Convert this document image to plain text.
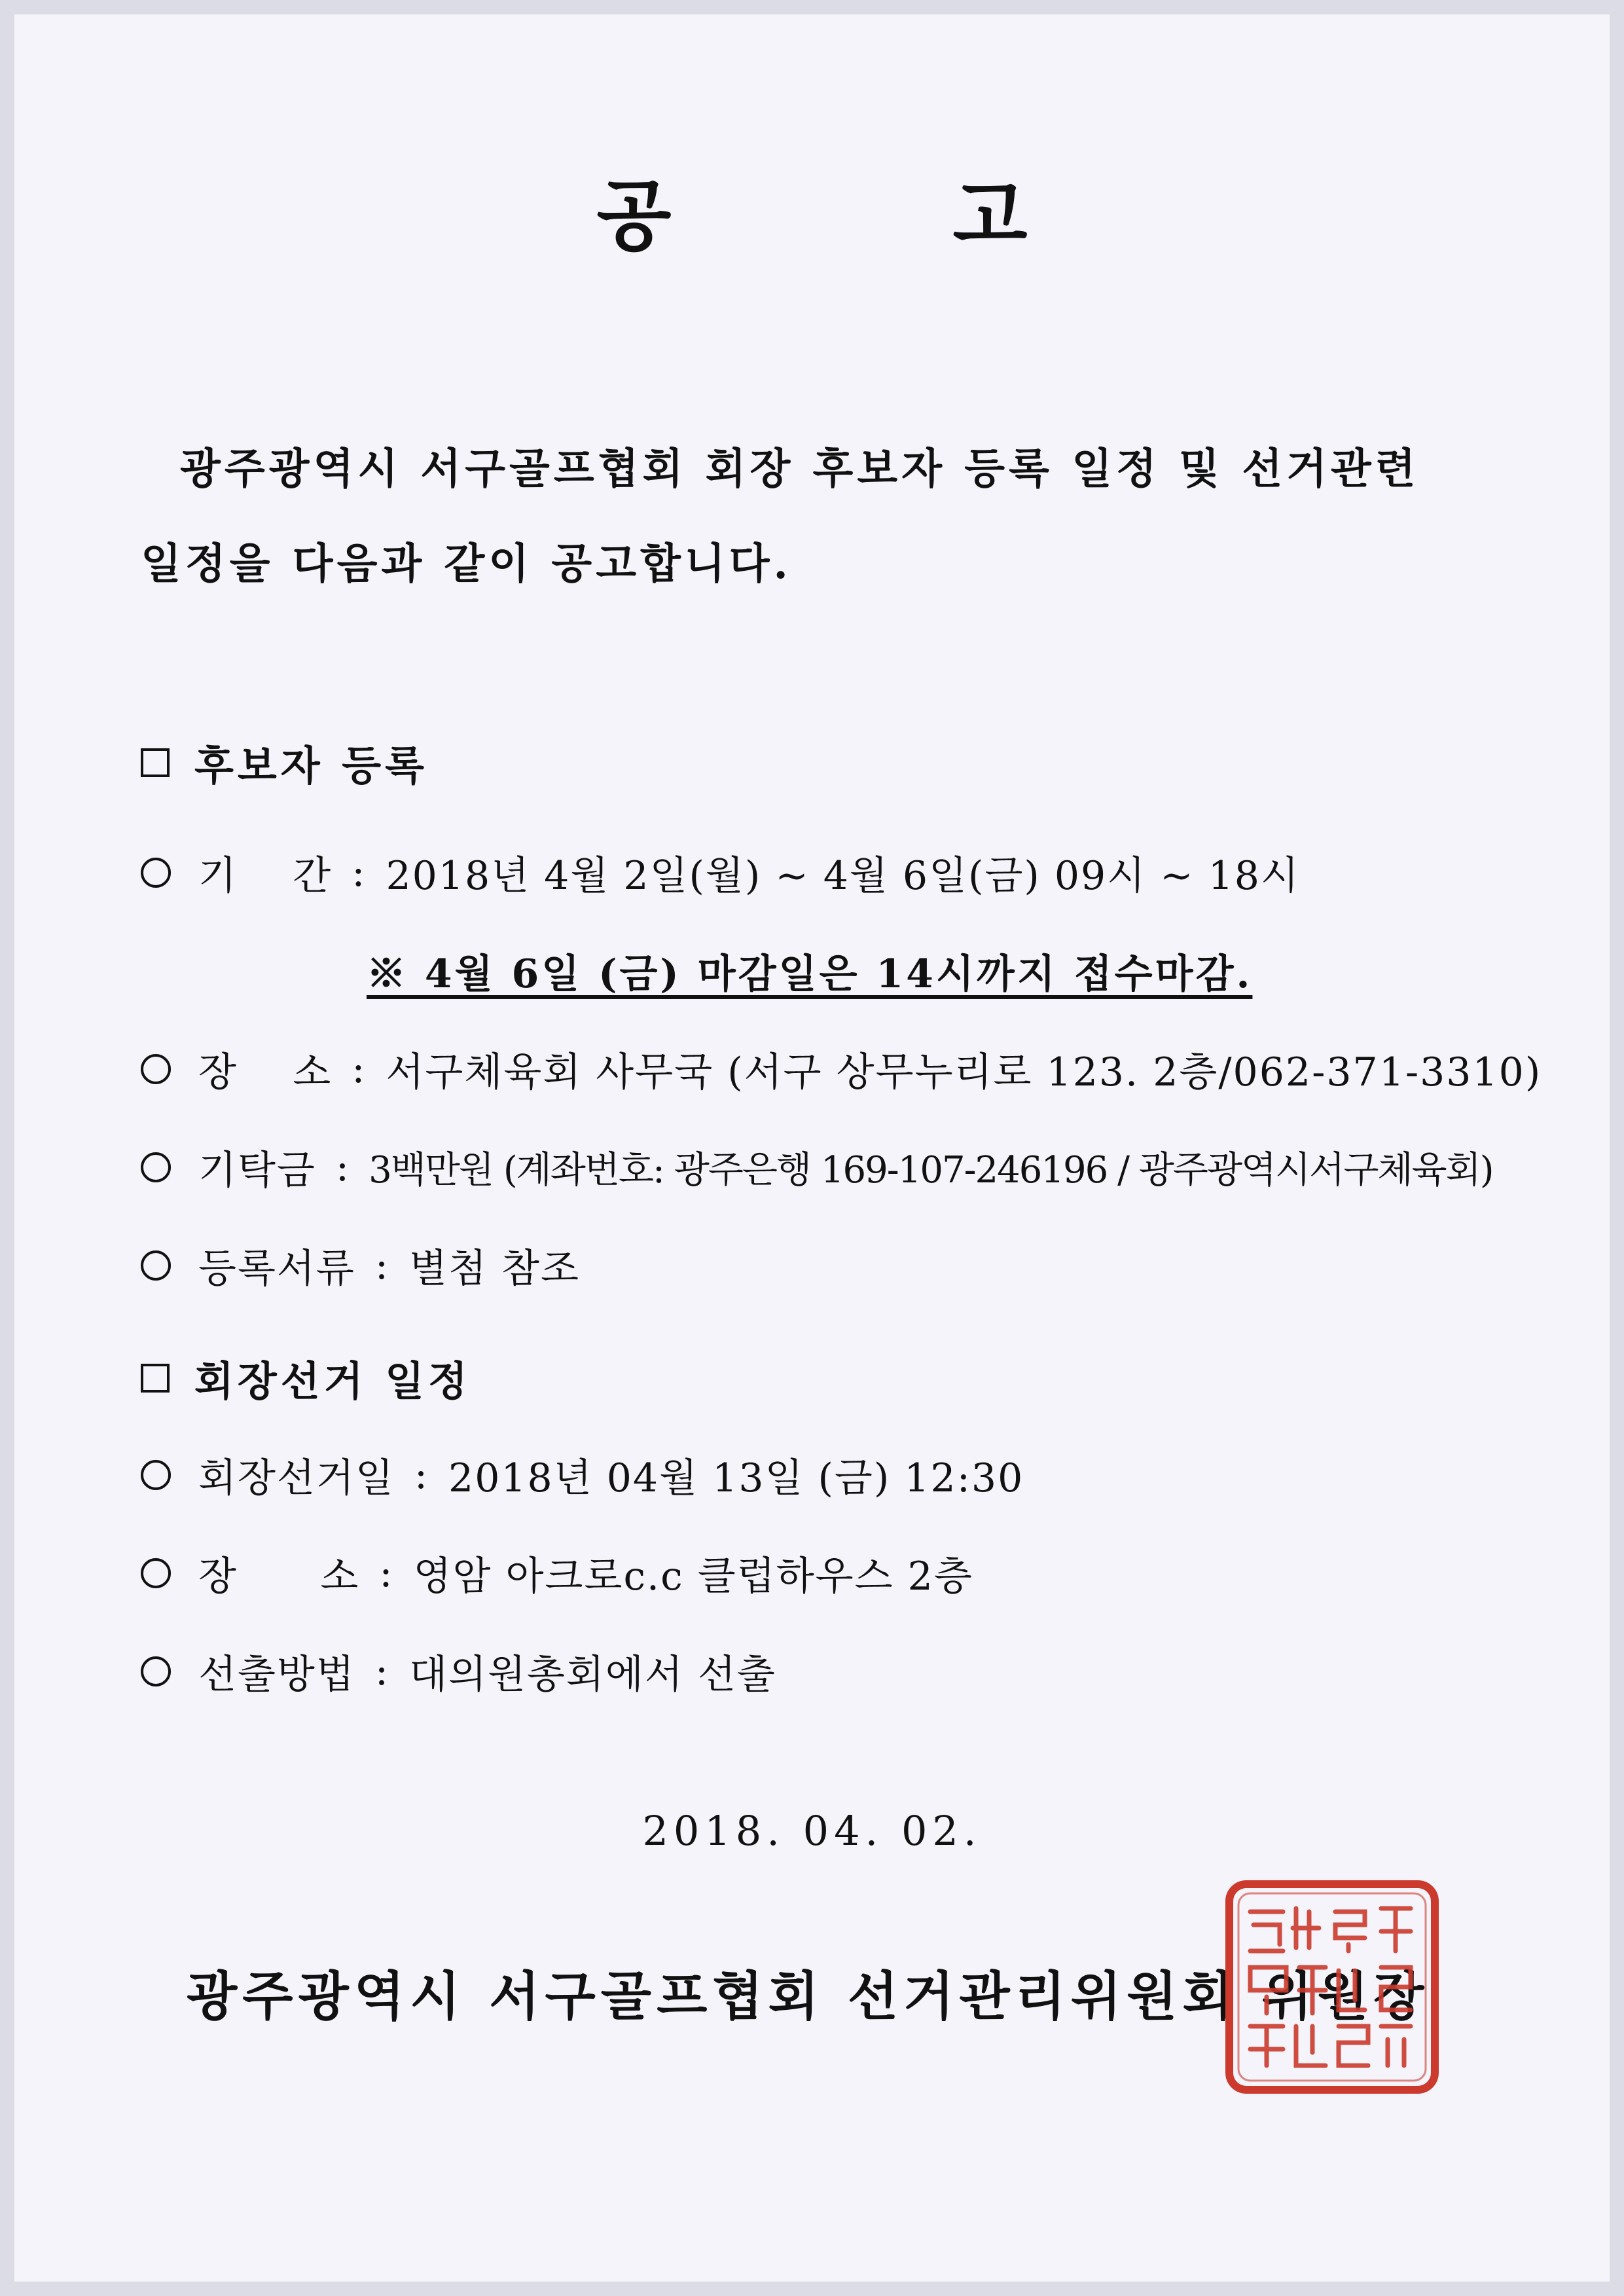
공	고
광주광역시 서구골프협회 회장 후보자 등록 일정 및 선거관련
일정을 다음과 같이 공고합니다.
후보자 등록
기    간 : 2018년 4월 2일(월) ~ 4월 6일(금) 09시 ~ 18시
※ 4월 6일 (금) 마감일은 14시까지 접수마감.
장    소 : 서구체육회 사무국 (서구 상무누리로 123. 2층/062-371-3310)
기탁금 : 3백만원 (계좌번호: 광주은행 169-107-246196 / 광주광역시서구체육회)
등록서류 : 별첨 참조
회장선거 일정
회장선거일 : 2018년 04월 13일 (금) 12:30
장      소 : 영암 아크로c.c 클럽하우스 2층
선출방법 : 대의원총회에서 선출
2018. 04. 02.
광주광역시 서구골프협회 선거관리위원회 위원장
